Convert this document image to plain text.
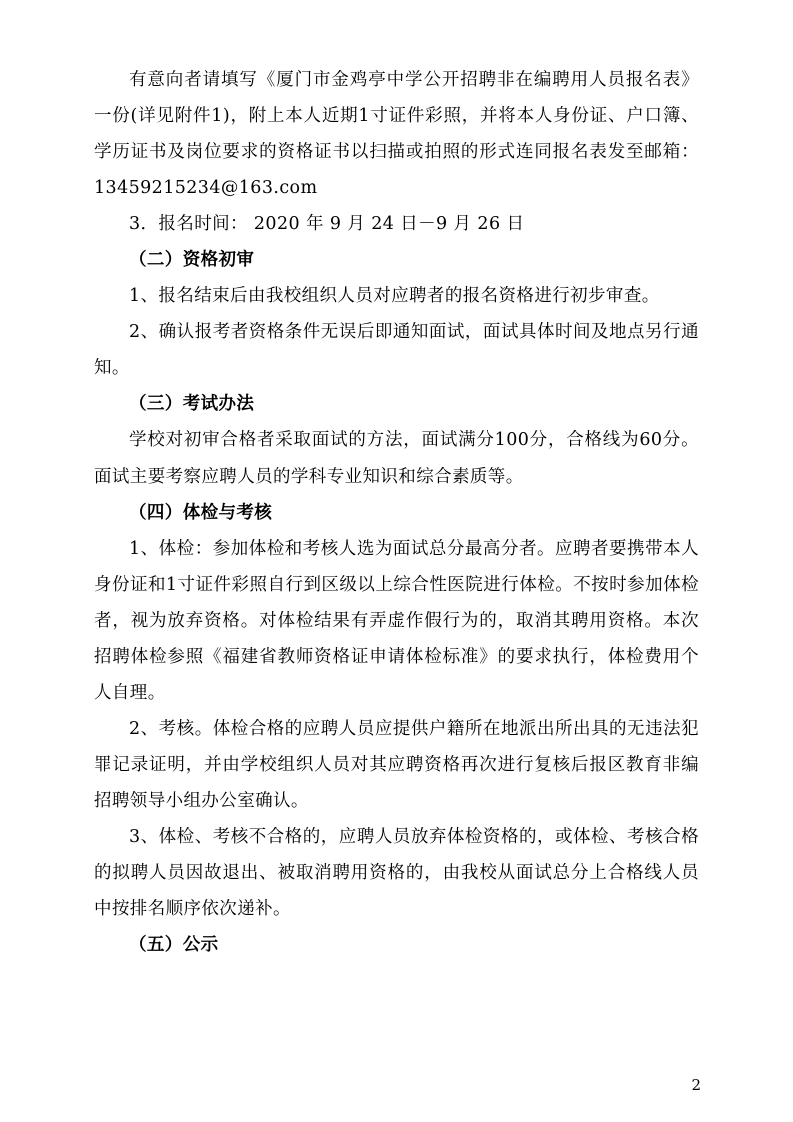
有意向者请填写《厦门市金鸡亭中学公开招聘非在编聘用人员报名表》一份(详见附件1)，附上本人近期1寸证件彩照，并将本人身份证、户口簿、学历证书及岗位要求的资格证书以扫描或拍照的形式连同报名表发至邮箱：13459215234@163.com

3．报名时间： 2020 年 9 月 24 日－9 月 26 日

（二）资格初审

1、报名结束后由我校组织人员对应聘者的报名资格进行初步审查。

2、确认报考者资格条件无误后即通知面试，面试具体时间及地点另行通知。

（三）考试办法

学校对初审合格者采取面试的方法，面试满分100分，合格线为60分。面试主要考察应聘人员的学科专业知识和综合素质等。

（四）体检与考核

1、体检：参加体检和考核人选为面试总分最高分者。应聘者要携带本人身份证和1寸证件彩照自行到区级以上综合性医院进行体检。不按时参加体检者，视为放弃资格。对体检结果有弄虚作假行为的，取消其聘用资格。本次招聘体检参照《福建省教师资格证申请体检标准》的要求执行，体检费用个人自理。

2、考核。体检合格的应聘人员应提供户籍所在地派出所出具的无违法犯罪记录证明，并由学校组织人员对其应聘资格再次进行复核后报区教育非编招聘领导小组办公室确认。

3、体检、考核不合格的，应聘人员放弃体检资格的，或体检、考核合格的拟聘人员因故退出、被取消聘用资格的，由我校从面试总分上合格线人员中按排名顺序依次递补。

（五）公示

2
